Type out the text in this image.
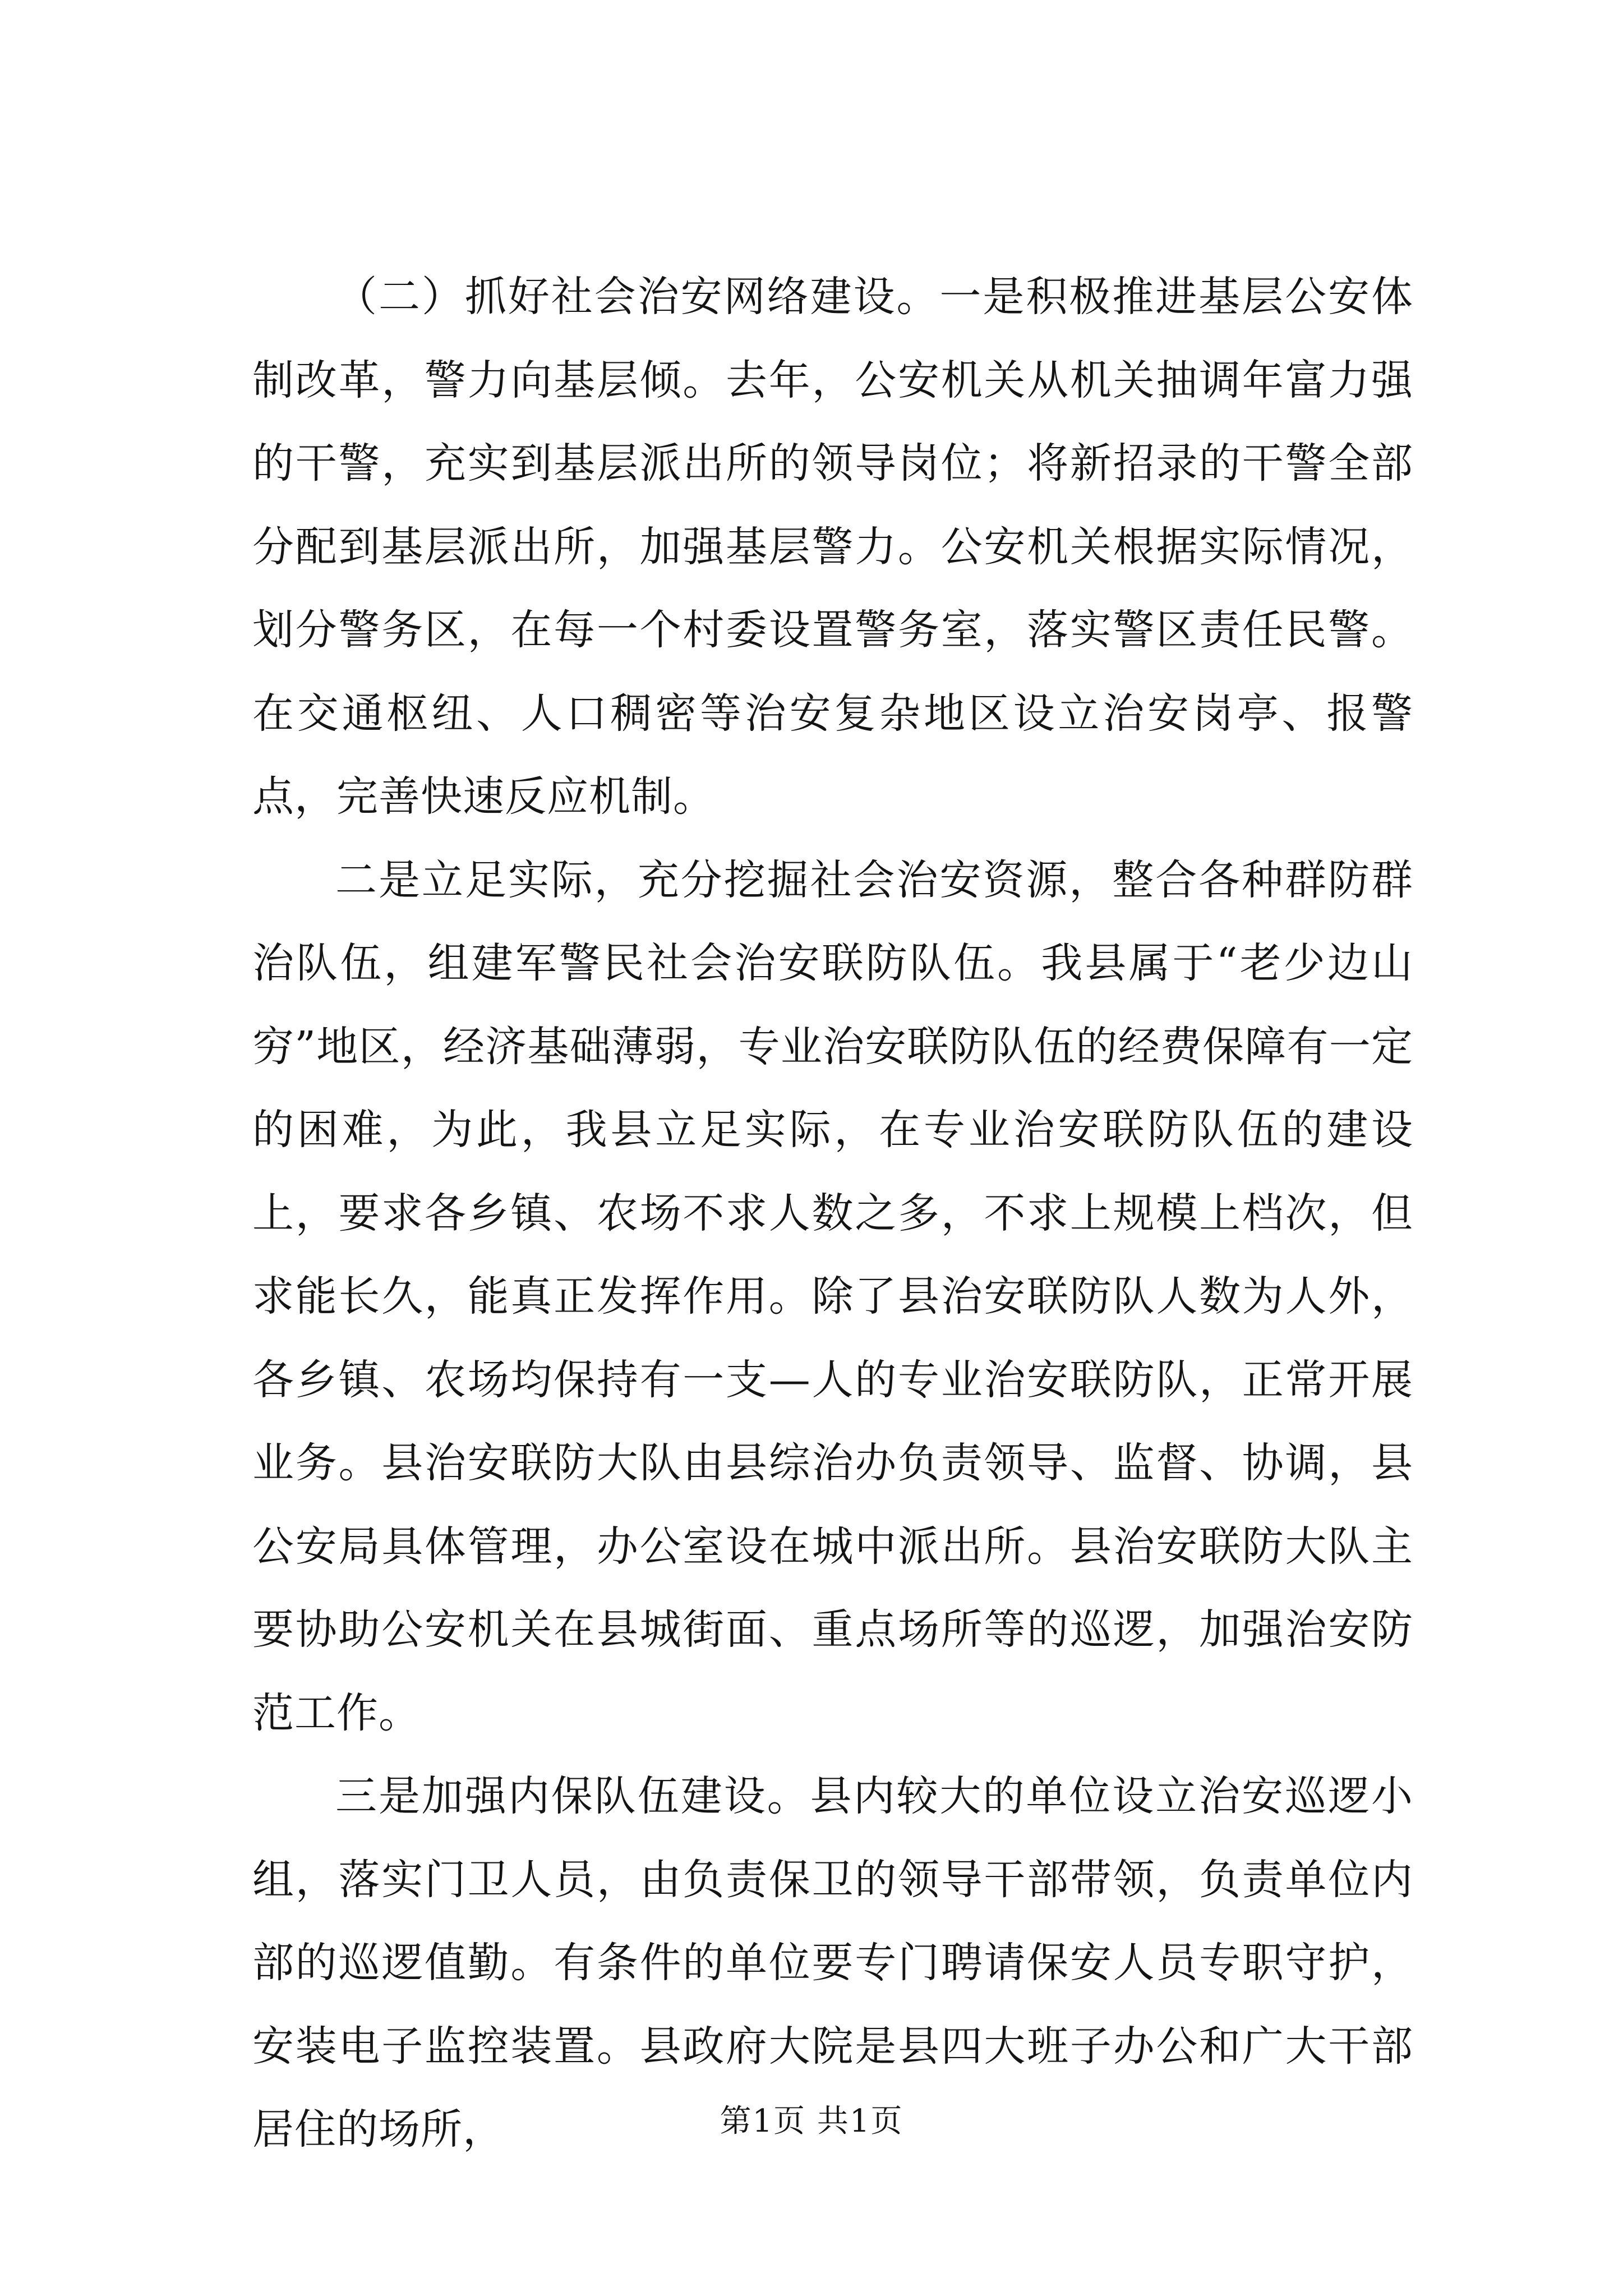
（二）抓好社会治安网络建设。一是积极推进基层公安体制改革，警力向基层倾。去年，公安机关从机关抽调年富力强的干警，充实到基层派出所的领导岗位；将新招录的干警全部分配到基层派出所，加强基层警力。公安机关根据实际情况，划分警务区，在每一个村委设置警务室，落实警区责任民警。在交通枢纽、人口稠密等治安复杂地区设立治安岗亭、报警点，完善快速反应机制。

二是立足实际，充分挖掘社会治安资源，整合各种群防群治队伍，组建军警民社会治安联防队伍。我县属于“老少边山穷”地区，经济基础薄弱，专业治安联防队伍的经费保障有一定的困难，为此，我县立足实际，在专业治安联防队伍的建设上，要求各乡镇、农场不求人数之多，不求上规模上档次，但求能长久，能真正发挥作用。除了县治安联防队人数为人外，各乡镇、农场均保持有一支—人的专业治安联防队，正常开展业务。县治安联防大队由县综治办负责领导、监督、协调，县公安局具体管理，办公室设在城中派出所。县治安联防大队主要协助公安机关在县城街面、重点场所等的巡逻，加强治安防范工作。

三是加强内保队伍建设。县内较大的单位设立治安巡逻小组，落实门卫人员，由负责保卫的领导干部带领，负责单位内部的巡逻值勤。有条件的单位要专门聘请保安人员专职守护，安装电子监控装置。县政府大院是县四大班子办公和广大干部居住的场所，	第1页 共1页
